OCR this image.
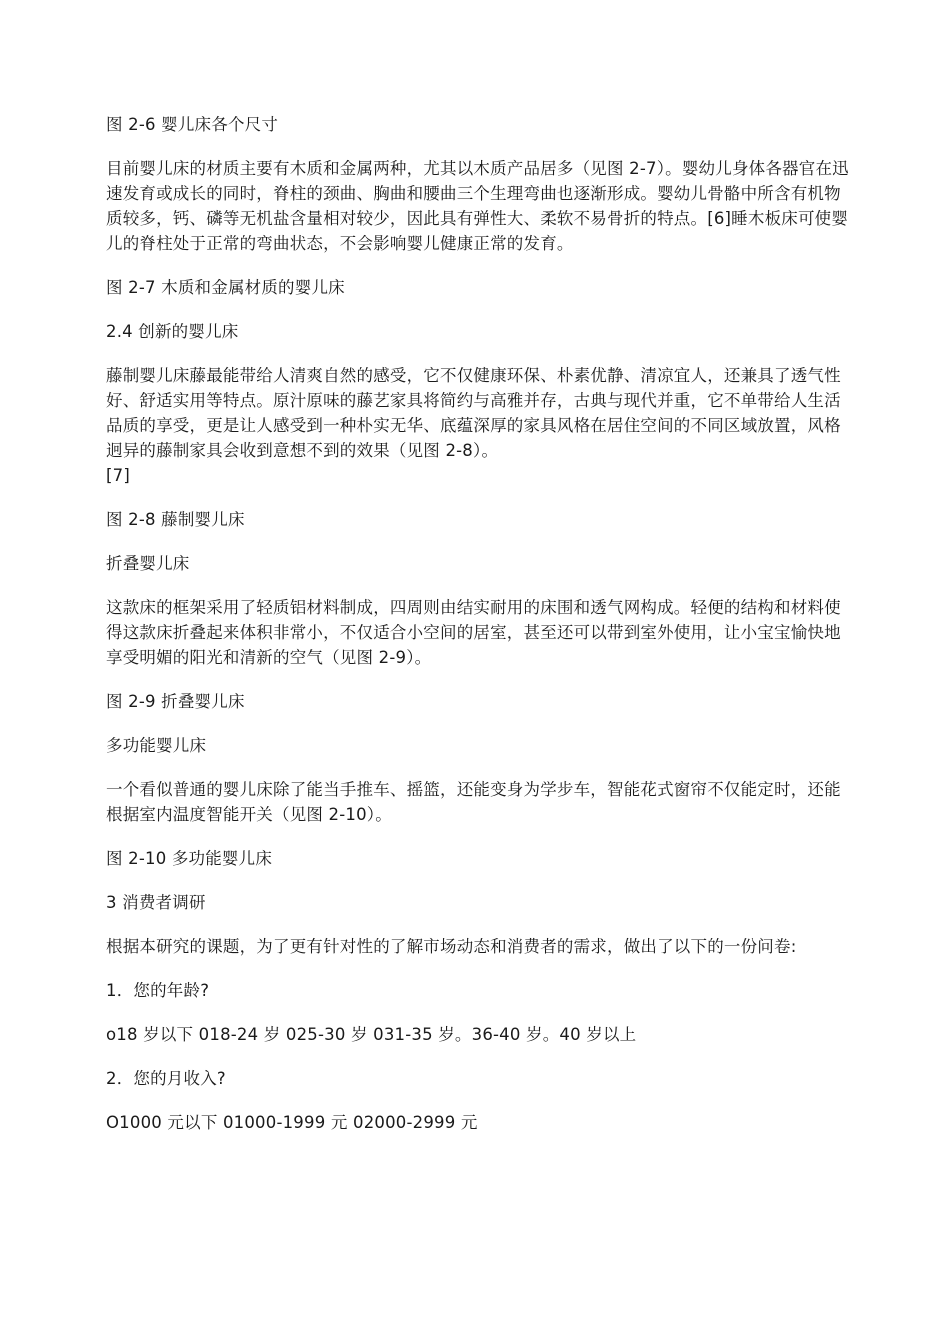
图 2-6 婴儿床各个尺寸

目前婴儿床的材质主要有木质和金属两种，尤其以木质产品居多（见图 2-7）。婴幼儿身体各器官在迅速发育或成长的同时，脊柱的颈曲、胸曲和腰曲三个生理弯曲也逐渐形成。婴幼儿骨骼中所含有机物质较多，钙、磷等无机盐含量相对较少，因此具有弹性大、柔软不易骨折的特点。[6]睡木板床可使婴儿的脊柱处于正常的弯曲状态，不会影响婴儿健康正常的发育。

图 2-7 木质和金属材质的婴儿床

2.4 创新的婴儿床

藤制婴儿床藤最能带给人清爽自然的感受，它不仅健康环保、朴素优静、清凉宜人，还兼具了透气性好、舒适实用等特点。原汁原味的藤艺家具将简约与高雅并存，古典与现代并重，它不单带给人生活品质的享受，更是让人感受到一种朴实无华、底蕴深厚的家具风格在居住空间的不同区域放置，风格迥异的藤制家具会收到意想不到的效果（见图 2-8）。

[7]

图 2-8 藤制婴儿床

折叠婴儿床

这款床的框架采用了轻质铝材料制成，四周则由结实耐用的床围和透气网构成。轻便的结构和材料使得这款床折叠起来体积非常小，不仅适合小空间的居室，甚至还可以带到室外使用，让小宝宝愉快地享受明媚的阳光和清新的空气（见图 2-9）。

图 2-9 折叠婴儿床

多功能婴儿床

一个看似普通的婴儿床除了能当手推车、摇篮，还能变身为学步车，智能花式窗帘不仅能定时，还能根据室内温度智能开关（见图 2-10）。

图 2-10 多功能婴儿床

3 消费者调研

根据本研究的课题，为了更有针对性的了解市场动态和消费者的需求，做出了以下的一份问卷:

1．您的年龄?

o18 岁以下 018-24 岁 025-30 岁 031-35 岁。36-40 岁。40 岁以上

2．您的月收入?

O1000 元以下 01000-1999 元 02000-2999 元
